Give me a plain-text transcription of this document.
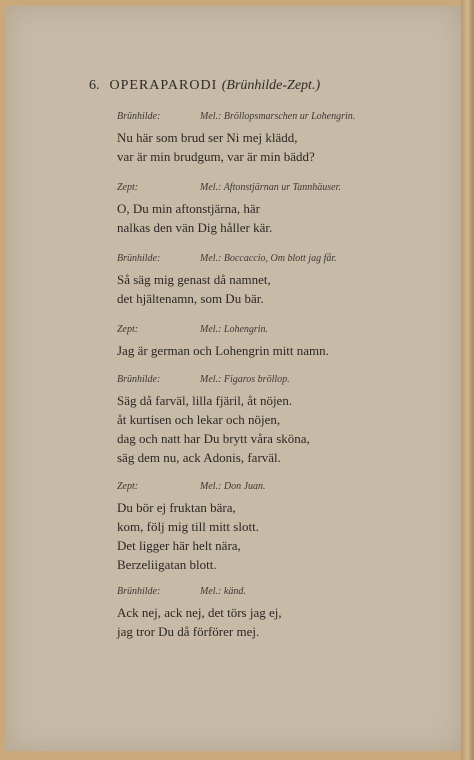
6. OPERAPARODI (Brünhilde-Zept.)
Brünhilde:	Mel.: Bröllopsmarschen ur Lohengrin.
Nu här som brud ser Ni mej klädd,
var är min brudgum, var är min bädd?
Zept:	Mel.: Aftonstjärnan ur Tannhäuser.
O, Du min aftonstjärna, här
nalkas den vän Dig håller kär.
Brünhilde:	Mel.: Boccaccio, Om blott jag får.
Så säg mig genast då namnet,
det hjältenamn, som Du bär.
Zept:	Mel.: Lohengrin.
Jag är german och Lohengrin mitt namn.
Brünhilde:	Mel.: Figaros bröllop.
Säg då farväl, lilla fjäril, åt nöjen.
åt kurtisen och lekar och nöjen,
dag och natt har Du brytt våra sköna,
säg dem nu, ack Adonis, farväl.
Zept:	Mel.: Don Juan.
Du bör ej fruktan bära,
kom, följ mig till mitt slott.
Det ligger här helt nära,
Berzeliigatan blott.
Brünhilde:	Mel.: känd.
Ack nej, ack nej, det törs jag ej,
jag tror Du då förförer mej.
